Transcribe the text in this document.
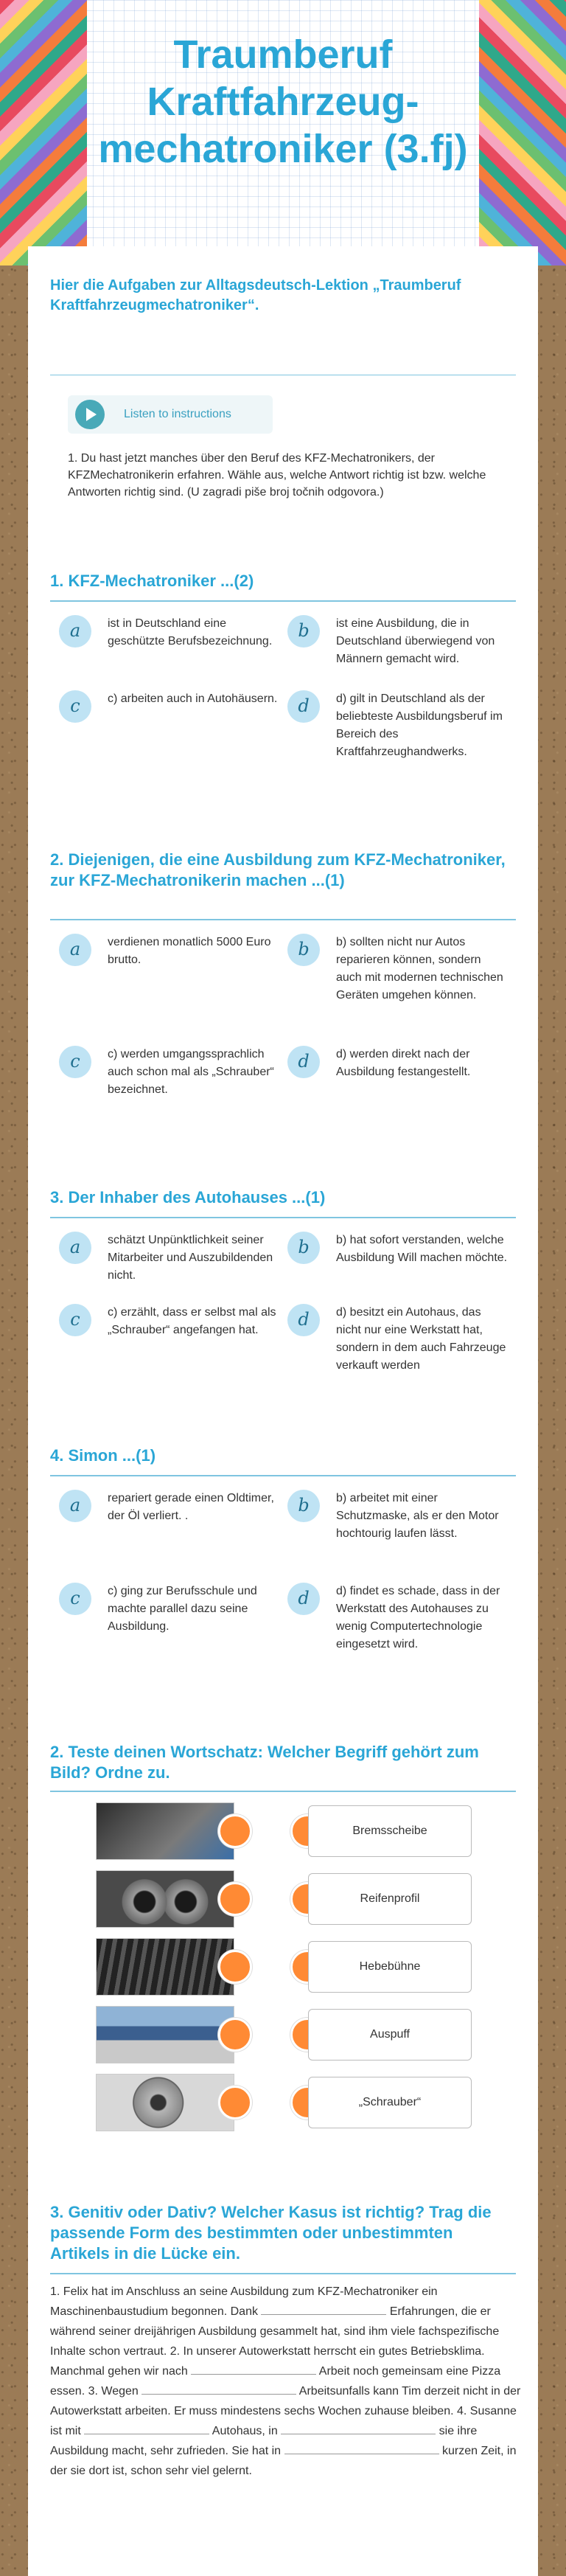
Traumberuf Kraftfahrzeug-mechatroniker (3.fj)
Hier die Aufgaben zur Alltagsdeutsch-Lektion „Traumberuf Kraftfahrzeugmechatroniker“.
Listen to instructions
1. Du hast jetzt manches über den Beruf des KFZ-Mechatronikers, der KFZMechatronikerin erfahren. Wähle aus, welche Antwort richtig ist bzw. welche Antworten richtig sind. (U zagradi piše broj točnih odgovora.)
1. KFZ-Mechatroniker ...(2)
a	ist in Deutschland eine geschützte Berufsbezeichnung.
b	ist eine Ausbildung, die in Deutschland überwiegend von Männern gemacht wird.
c	c) arbeiten auch in Autohäusern.	d	d) gilt in Deutschland als der beliebteste Ausbildungsberuf im Bereich des Kraftfahrzeughandwerks.
2. Diejenigen, die eine Ausbildung zum KFZ-Mechatroniker, zur KFZ-Mechatronikerin machen ...(1)
a	verdienen monatlich 5000 Euro brutto.
b	b) sollten nicht nur Autos reparieren können, sondern auch mit modernen technischen Geräten umgehen können.
c	c) werden umgangssprachlich auch schon mal als „Schrauber“ bezeichnet.
d	d) werden direkt nach der Ausbildung festangestellt.
3. Der Inhaber des Autohauses ...(1)
a	schätzt Unpünktlichkeit seiner Mitarbeiter und Auszubildenden nicht.
b	b) hat sofort verstanden, welche Ausbildung Will machen möchte.
c	c) erzählt, dass er selbst mal als „Schrauber“ angefangen hat.
d	d) besitzt ein Autohaus, das nicht nur eine Werkstatt hat, sondern in dem auch Fahrzeuge verkauft werden
4. Simon ...(1)
a	repariert gerade einen Oldtimer, der Öl verliert. .
b	b) arbeitet mit einer Schutzmaske, als er den Motor hochtourig laufen lässt.
c	c) ging zur Berufsschule und machte parallel dazu seine Ausbildung.
d	d) findet es schade, dass in der Werkstatt des Autohauses zu wenig Computertechnologie eingesetzt wird.
2. Teste deinen Wortschatz: Welcher Begriff gehört zum Bild? Ordne zu.
Bremsscheibe
Reifenprofil
Hebebühne
Auspuff
„Schrauber“
3. Genitiv oder Dativ? Welcher Kasus ist richtig? Trag die passende Form des bestimmten oder unbestimmten Artikels in die Lücke ein.
1. Felix hat im Anschluss an seine Ausbildung zum KFZ-Mechatroniker ein Maschinenbaustudium begonnen. Dank	Erfahrungen, die er während seiner dreijährigen Ausbildung gesammelt hat, sind ihm viele fachspezifische Inhalte schon vertraut. 2. In unserer Autowerkstatt herrscht ein gutes Betriebsklima. Manchmal gehen wir nach	Arbeit noch gemeinsam eine Pizza essen. 3. Wegen	Arbeitsunfalls kann Tim derzeit nicht in der Autowerkstatt arbeiten. Er muss mindestens sechs Wochen zuhause bleiben. 4. Susanne ist mit	Autohaus, in	sie ihre Ausbildung macht, sehr zufrieden. Sie hat in	kurzen Zeit, in der sie dort ist, schon sehr viel gelernt.
